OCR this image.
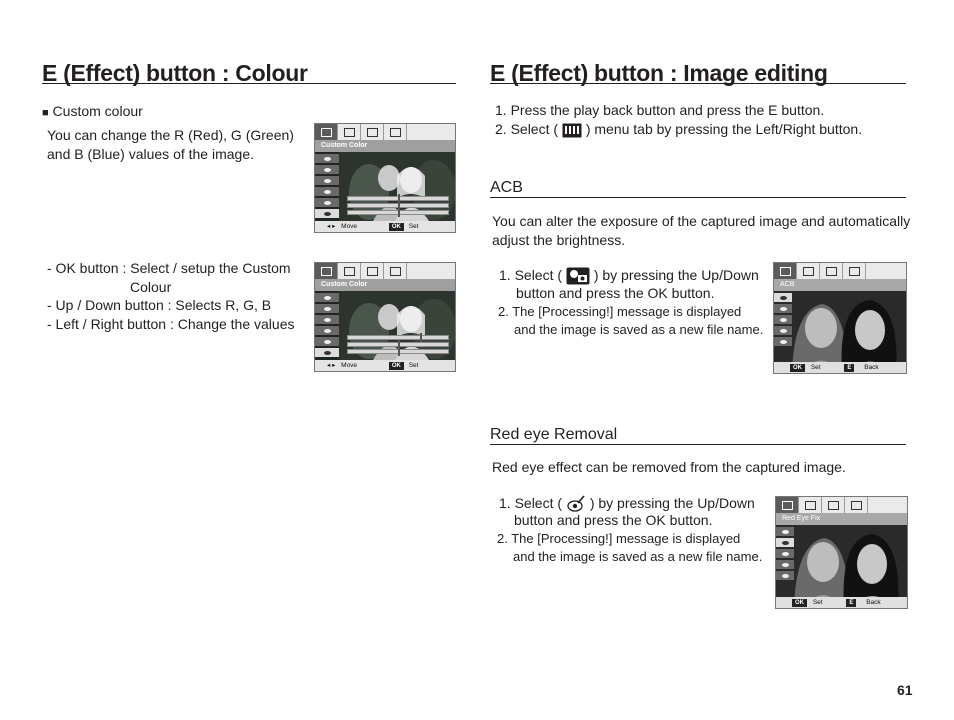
E (Effect) button : Colour
■ Custom colour
You can change the R (Red), G (Green)
and B (Blue) values of the image.
- OK button : Select / setup the Custom
Colour
- Up / Down button : Selects R, G, B
- Left / Right button : Change the values
Custom Color
◂ ▸ Move	OK Set
Custom Color
◂ ▸ Move	OK Set
E (Effect) button : Image editing
1. Press the play back button and press the E button.
2. Select ( ) menu tab by pressing the Left/Right button.
ACB
You can alter the exposure of the captured image and automatically
adjust the brightness.
1. Select ( ) by pressing the Up/Down
button and press the OK button.
2. The [Processing!] message is displayed
and the image is saved as a new file name.
ACB
OK Set	E Back
Red eye Removal
Red eye effect can be removed from the captured image.
1. Select ( ) by pressing the Up/Down
button and press the OK button.
2. The [Processing!] message is displayed
and the image is saved as a new file name.
Red Eye Fix
OK Set	E Back
61
